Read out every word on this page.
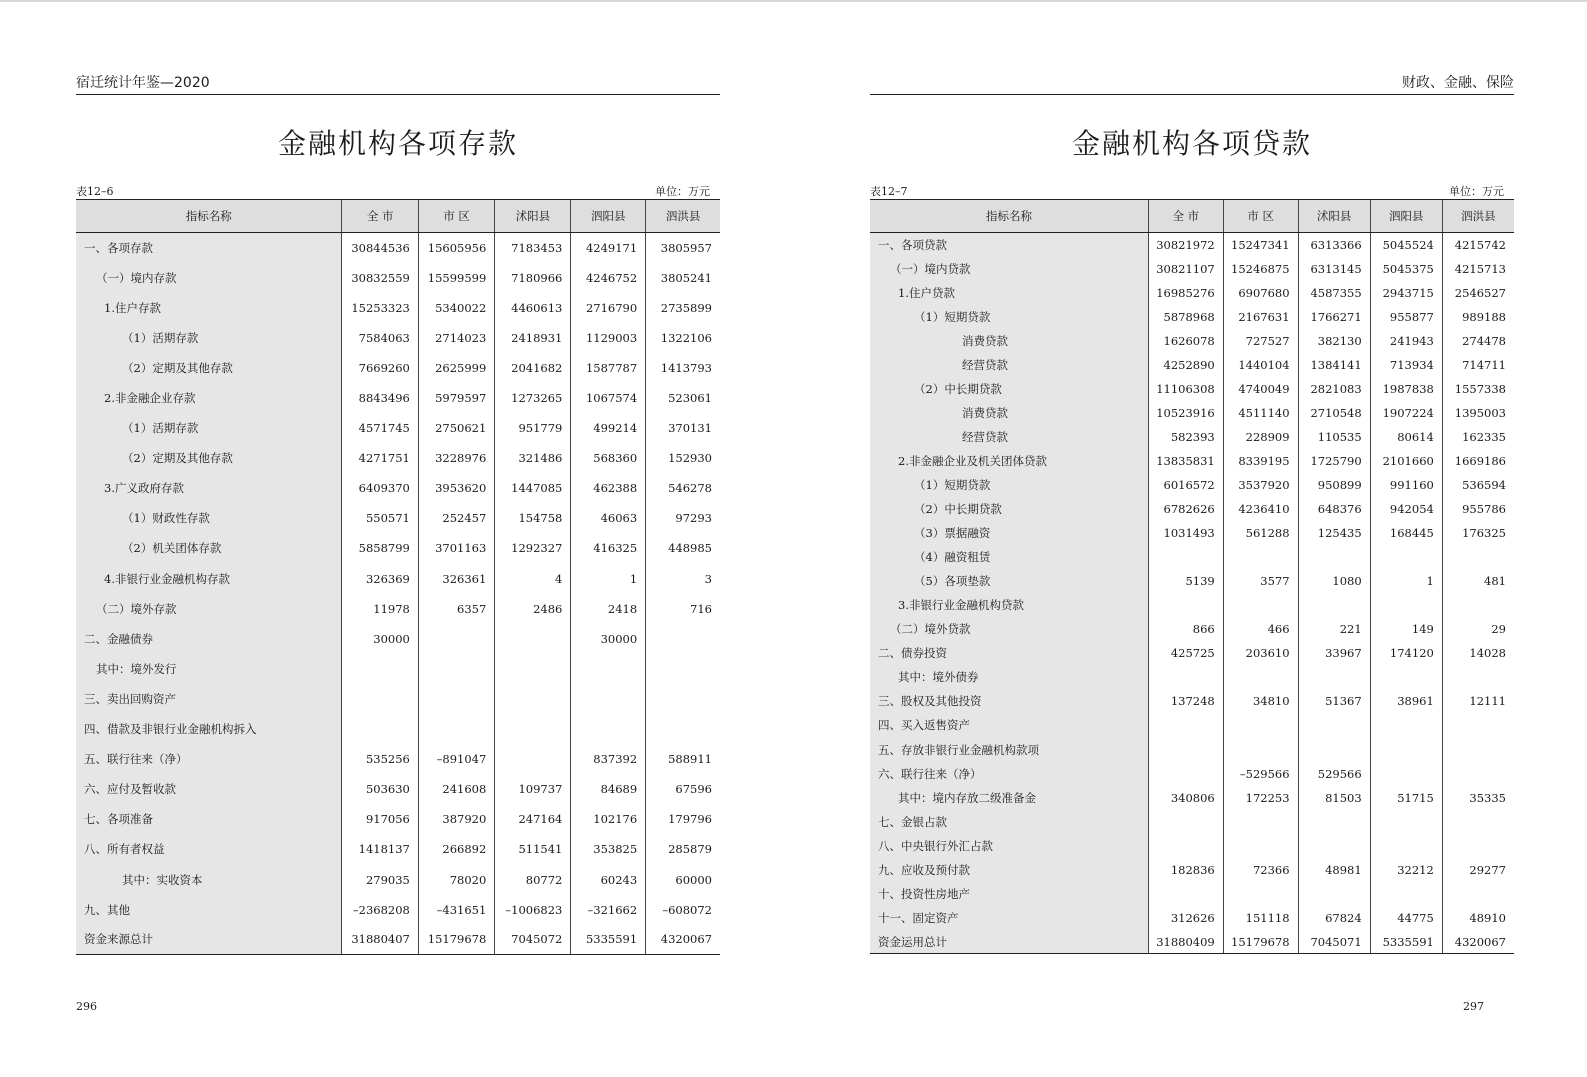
宿迁统计年鉴—2020
金融机构各项存款
表12–6	单位：万元
指标名称	全 市	市 区	沭阳县	泗阳县	泗洪县
一、各项存款	30844536	15605956	7183453	4249171	3805957
（一）境内存款	30832559	15599599	7180966	4246752	3805241
1.住户存款	15253323	5340022	4460613	2716790	2735899
（1）活期存款	7584063	2714023	2418931	1129003	1322106
（2）定期及其他存款	7669260	2625999	2041682	1587787	1413793
2.非金融企业存款	8843496	5979597	1273265	1067574	523061
（1）活期存款	4571745	2750621	951779	499214	370131
（2）定期及其他存款	4271751	3228976	321486	568360	152930
3.广义政府存款	6409370	3953620	1447085	462388	546278
（1）财政性存款	550571	252457	154758	46063	97293
（2）机关团体存款	5858799	3701163	1292327	416325	448985
4.非银行业金融机构存款	326369	326361	4	1	3
（二）境外存款	11978	6357	2486	2418	716
二、金融债券	30000			30000	
其中：境外发行					
三、卖出回购资产					
四、借款及非银行业金融机构拆入					
五、联行往来（净）	535256	–891047		837392	588911
六、应付及暂收款	503630	241608	109737	84689	67596
七、各项准备	917056	387920	247164	102176	179796
八、所有者权益	1418137	266892	511541	353825	285879
其中：实收资本	279035	78020	80772	60243	60000
九、其他	–2368208	–431651	–1006823	–321662	–608072
资金来源总计	31880407	15179678	7045072	5335591	4320067
296
财政、金融、保险
金融机构各项贷款
表12–7	单位：万元
指标名称	全 市	市 区	沭阳县	泗阳县	泗洪县
一、各项贷款	30821972	15247341	6313366	5045524	4215742
（一）境内贷款	30821107	15246875	6313145	5045375	4215713
1.住户贷款	16985276	6907680	4587355	2943715	2546527
（1）短期贷款	5878968	2167631	1766271	955877	989188
消费贷款	1626078	727527	382130	241943	274478
经营贷款	4252890	1440104	1384141	713934	714711
（2）中长期贷款	11106308	4740049	2821083	1987838	1557338
消费贷款	10523916	4511140	2710548	1907224	1395003
经营贷款	582393	228909	110535	80614	162335
2.非金融企业及机关团体贷款	13835831	8339195	1725790	2101660	1669186
（1）短期贷款	6016572	3537920	950899	991160	536594
（2）中长期贷款	6782626	4236410	648376	942054	955786
（3）票据融资	1031493	561288	125435	168445	176325
（4）融资租赁					
（5）各项垫款	5139	3577	1080	1	481
3.非银行业金融机构贷款					
（二）境外贷款	866	466	221	149	29
二、债券投资	425725	203610	33967	174120	14028
其中：境外债券					
三、股权及其他投资	137248	34810	51367	38961	12111
四、买入返售资产					
五、存放非银行业金融机构款项					
六、联行往来（净）		–529566	529566		
其中：境内存放二级准备金	340806	172253	81503	51715	35335
七、金银占款					
八、中央银行外汇占款					
九、应收及预付款	182836	72366	48981	32212	29277
十、投资性房地产					
十一、固定资产	312626	151118	67824	44775	48910
资金运用总计	31880409	15179678	7045071	5335591	4320067
297
